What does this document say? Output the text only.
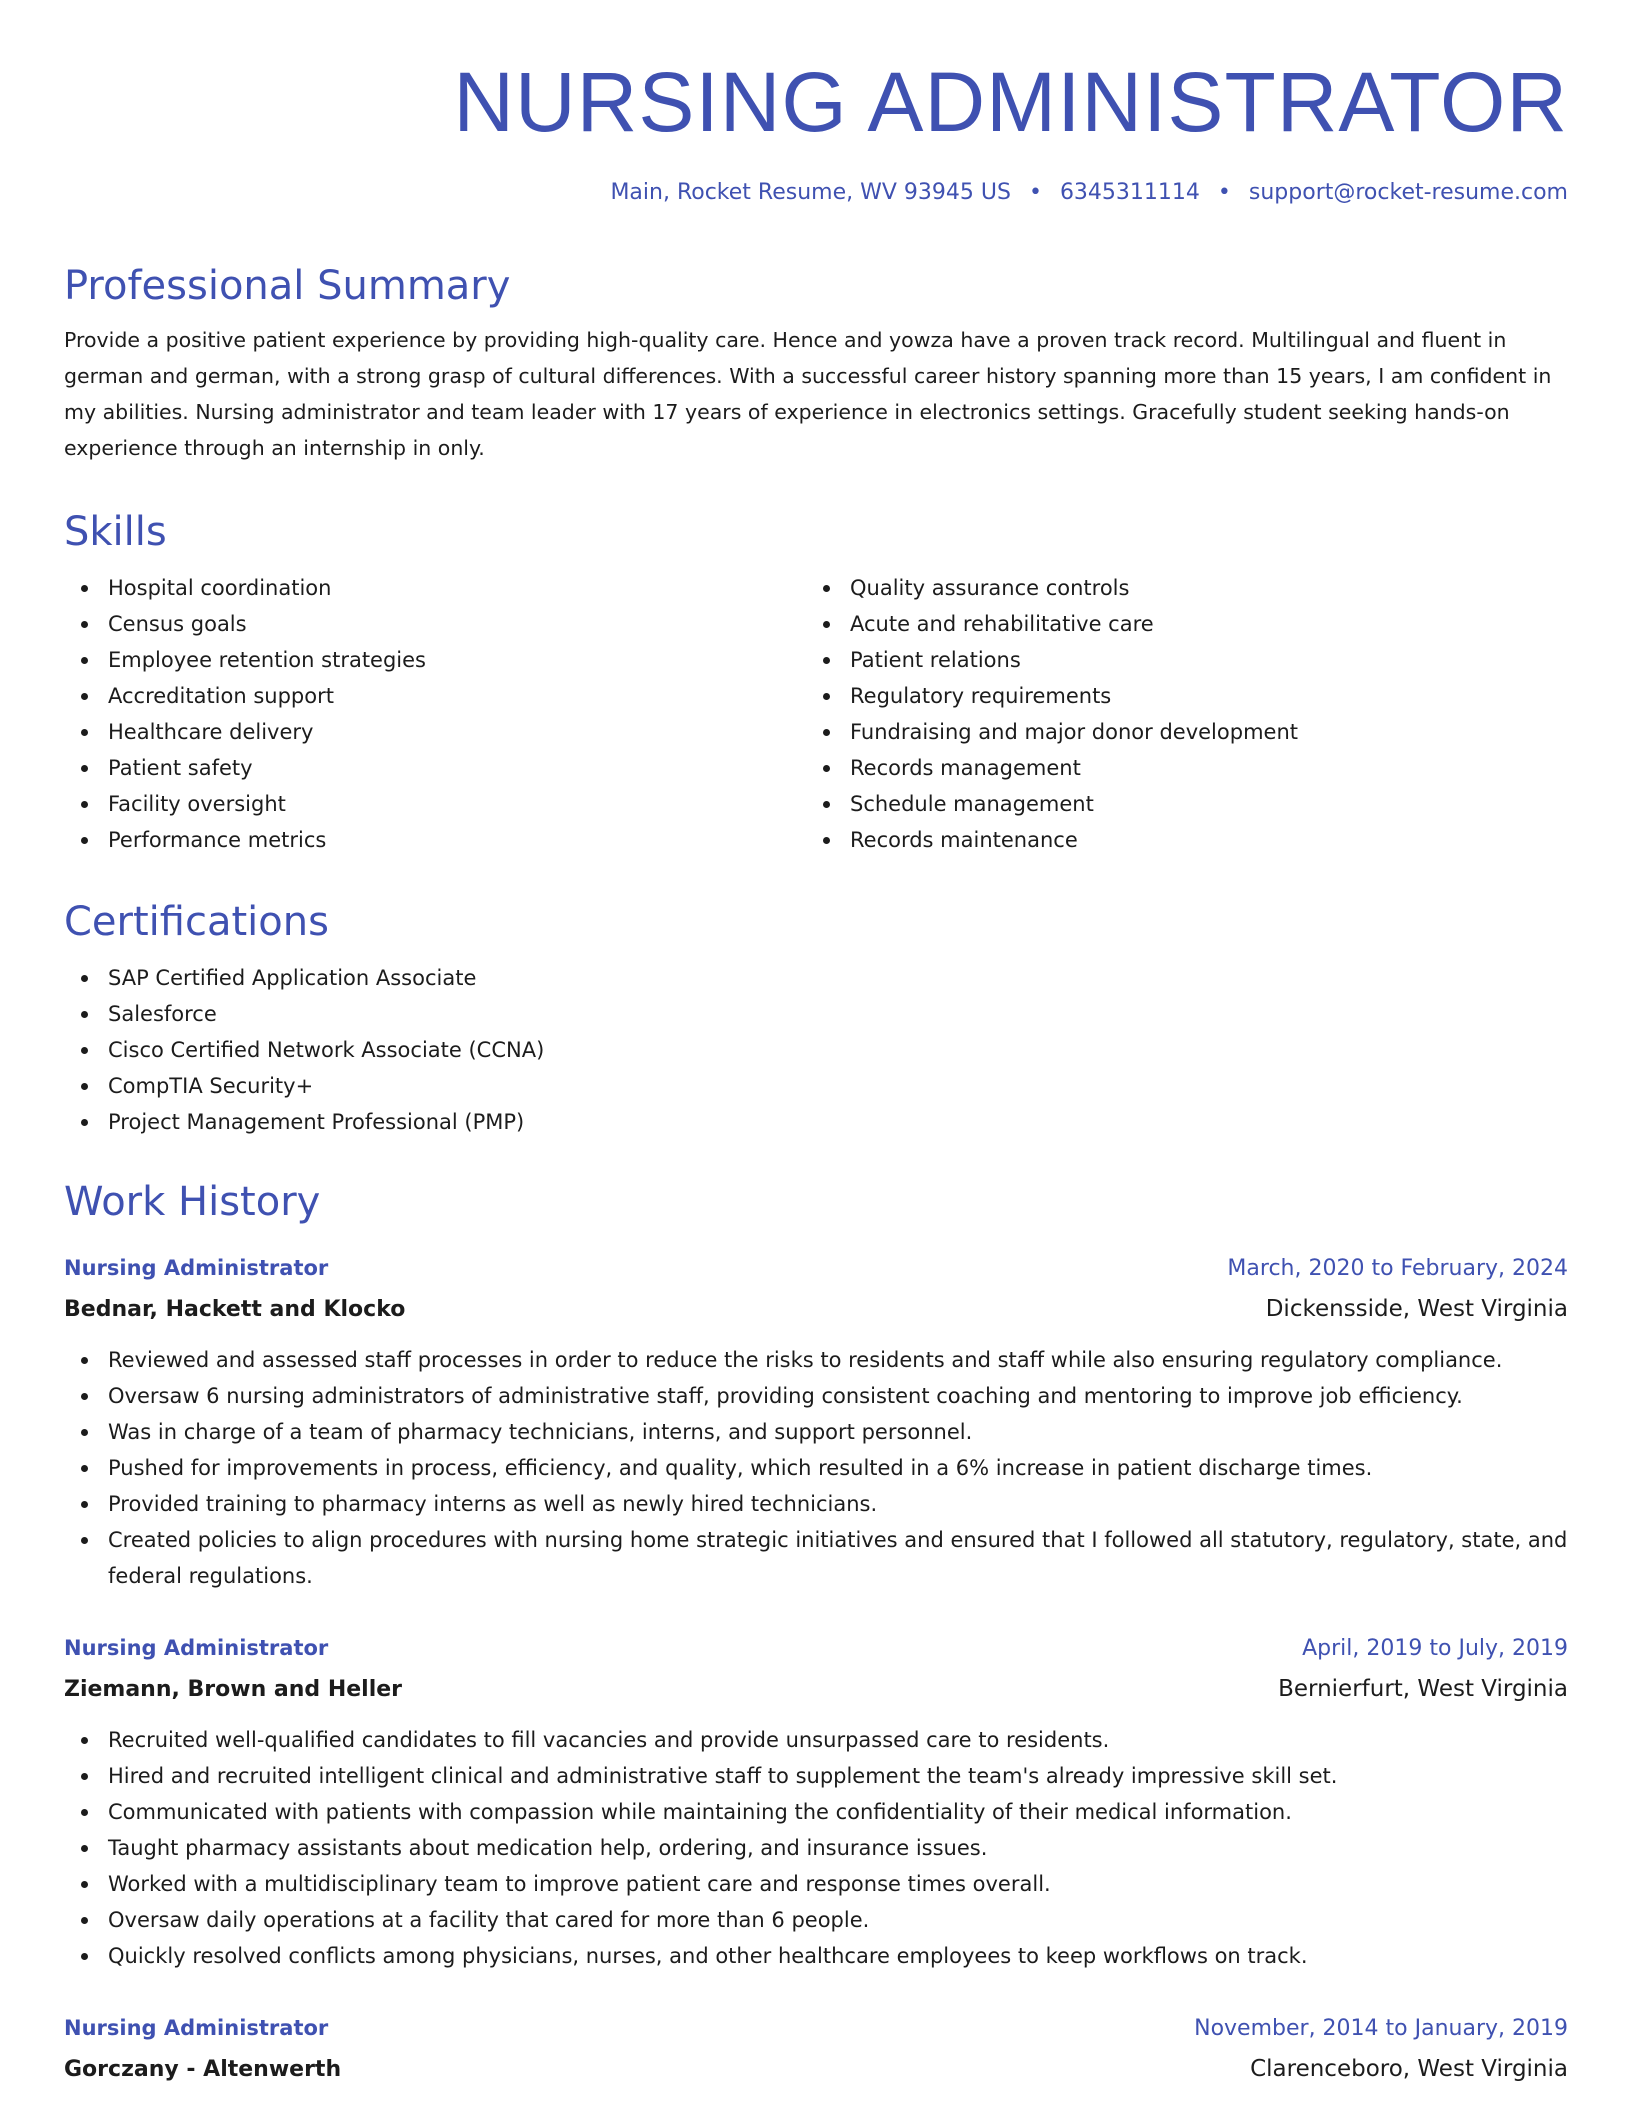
NURSING ADMINISTRATOR
Main, Rocket Resume, WV 93945 US • 6345311114 • support@rocket-resume.com
Professional Summary
Provide a positive patient experience by providing high-quality care. Hence and yowza have a proven track record. Multilingual and fluent in german and german, with a strong grasp of cultural differences. With a successful career history spanning more than 15 years, I am confident in my abilities. Nursing administrator and team leader with 17 years of experience in electronics settings. Gracefully student seeking hands-on experience through an internship in only.
Skills
Hospital coordination
Census goals
Employee retention strategies
Accreditation support
Healthcare delivery
Patient safety
Facility oversight
Performance metrics
Quality assurance controls
Acute and rehabilitative care
Patient relations
Regulatory requirements
Fundraising and major donor development
Records management
Schedule management
Records maintenance
Certifications
SAP Certified Application Associate
Salesforce
Cisco Certified Network Associate (CCNA)
CompTIA Security+
Project Management Professional (PMP)
Work History
Nursing Administrator	March, 2020 to February, 2024
Bednar, Hackett and Klocko	Dickensside, West Virginia
Reviewed and assessed staff processes in order to reduce the risks to residents and staff while also ensuring regulatory compliance.
Oversaw 6 nursing administrators of administrative staff, providing consistent coaching and mentoring to improve job efficiency.
Was in charge of a team of pharmacy technicians, interns, and support personnel.
Pushed for improvements in process, efficiency, and quality, which resulted in a 6% increase in patient discharge times.
Provided training to pharmacy interns as well as newly hired technicians.
Created policies to align procedures with nursing home strategic initiatives and ensured that I followed all statutory, regulatory, state, and federal regulations.
Nursing Administrator	April, 2019 to July, 2019
Ziemann, Brown and Heller	Bernierfurt, West Virginia
Recruited well-qualified candidates to fill vacancies and provide unsurpassed care to residents.
Hired and recruited intelligent clinical and administrative staff to supplement the team's already impressive skill set.
Communicated with patients with compassion while maintaining the confidentiality of their medical information.
Taught pharmacy assistants about medication help, ordering, and insurance issues.
Worked with a multidisciplinary team to improve patient care and response times overall.
Oversaw daily operations at a facility that cared for more than 6 people.
Quickly resolved conflicts among physicians, nurses, and other healthcare employees to keep workflows on track.
Nursing Administrator	November, 2014 to January, 2019
Gorczany - Altenwerth	Clarenceboro, West Virginia
